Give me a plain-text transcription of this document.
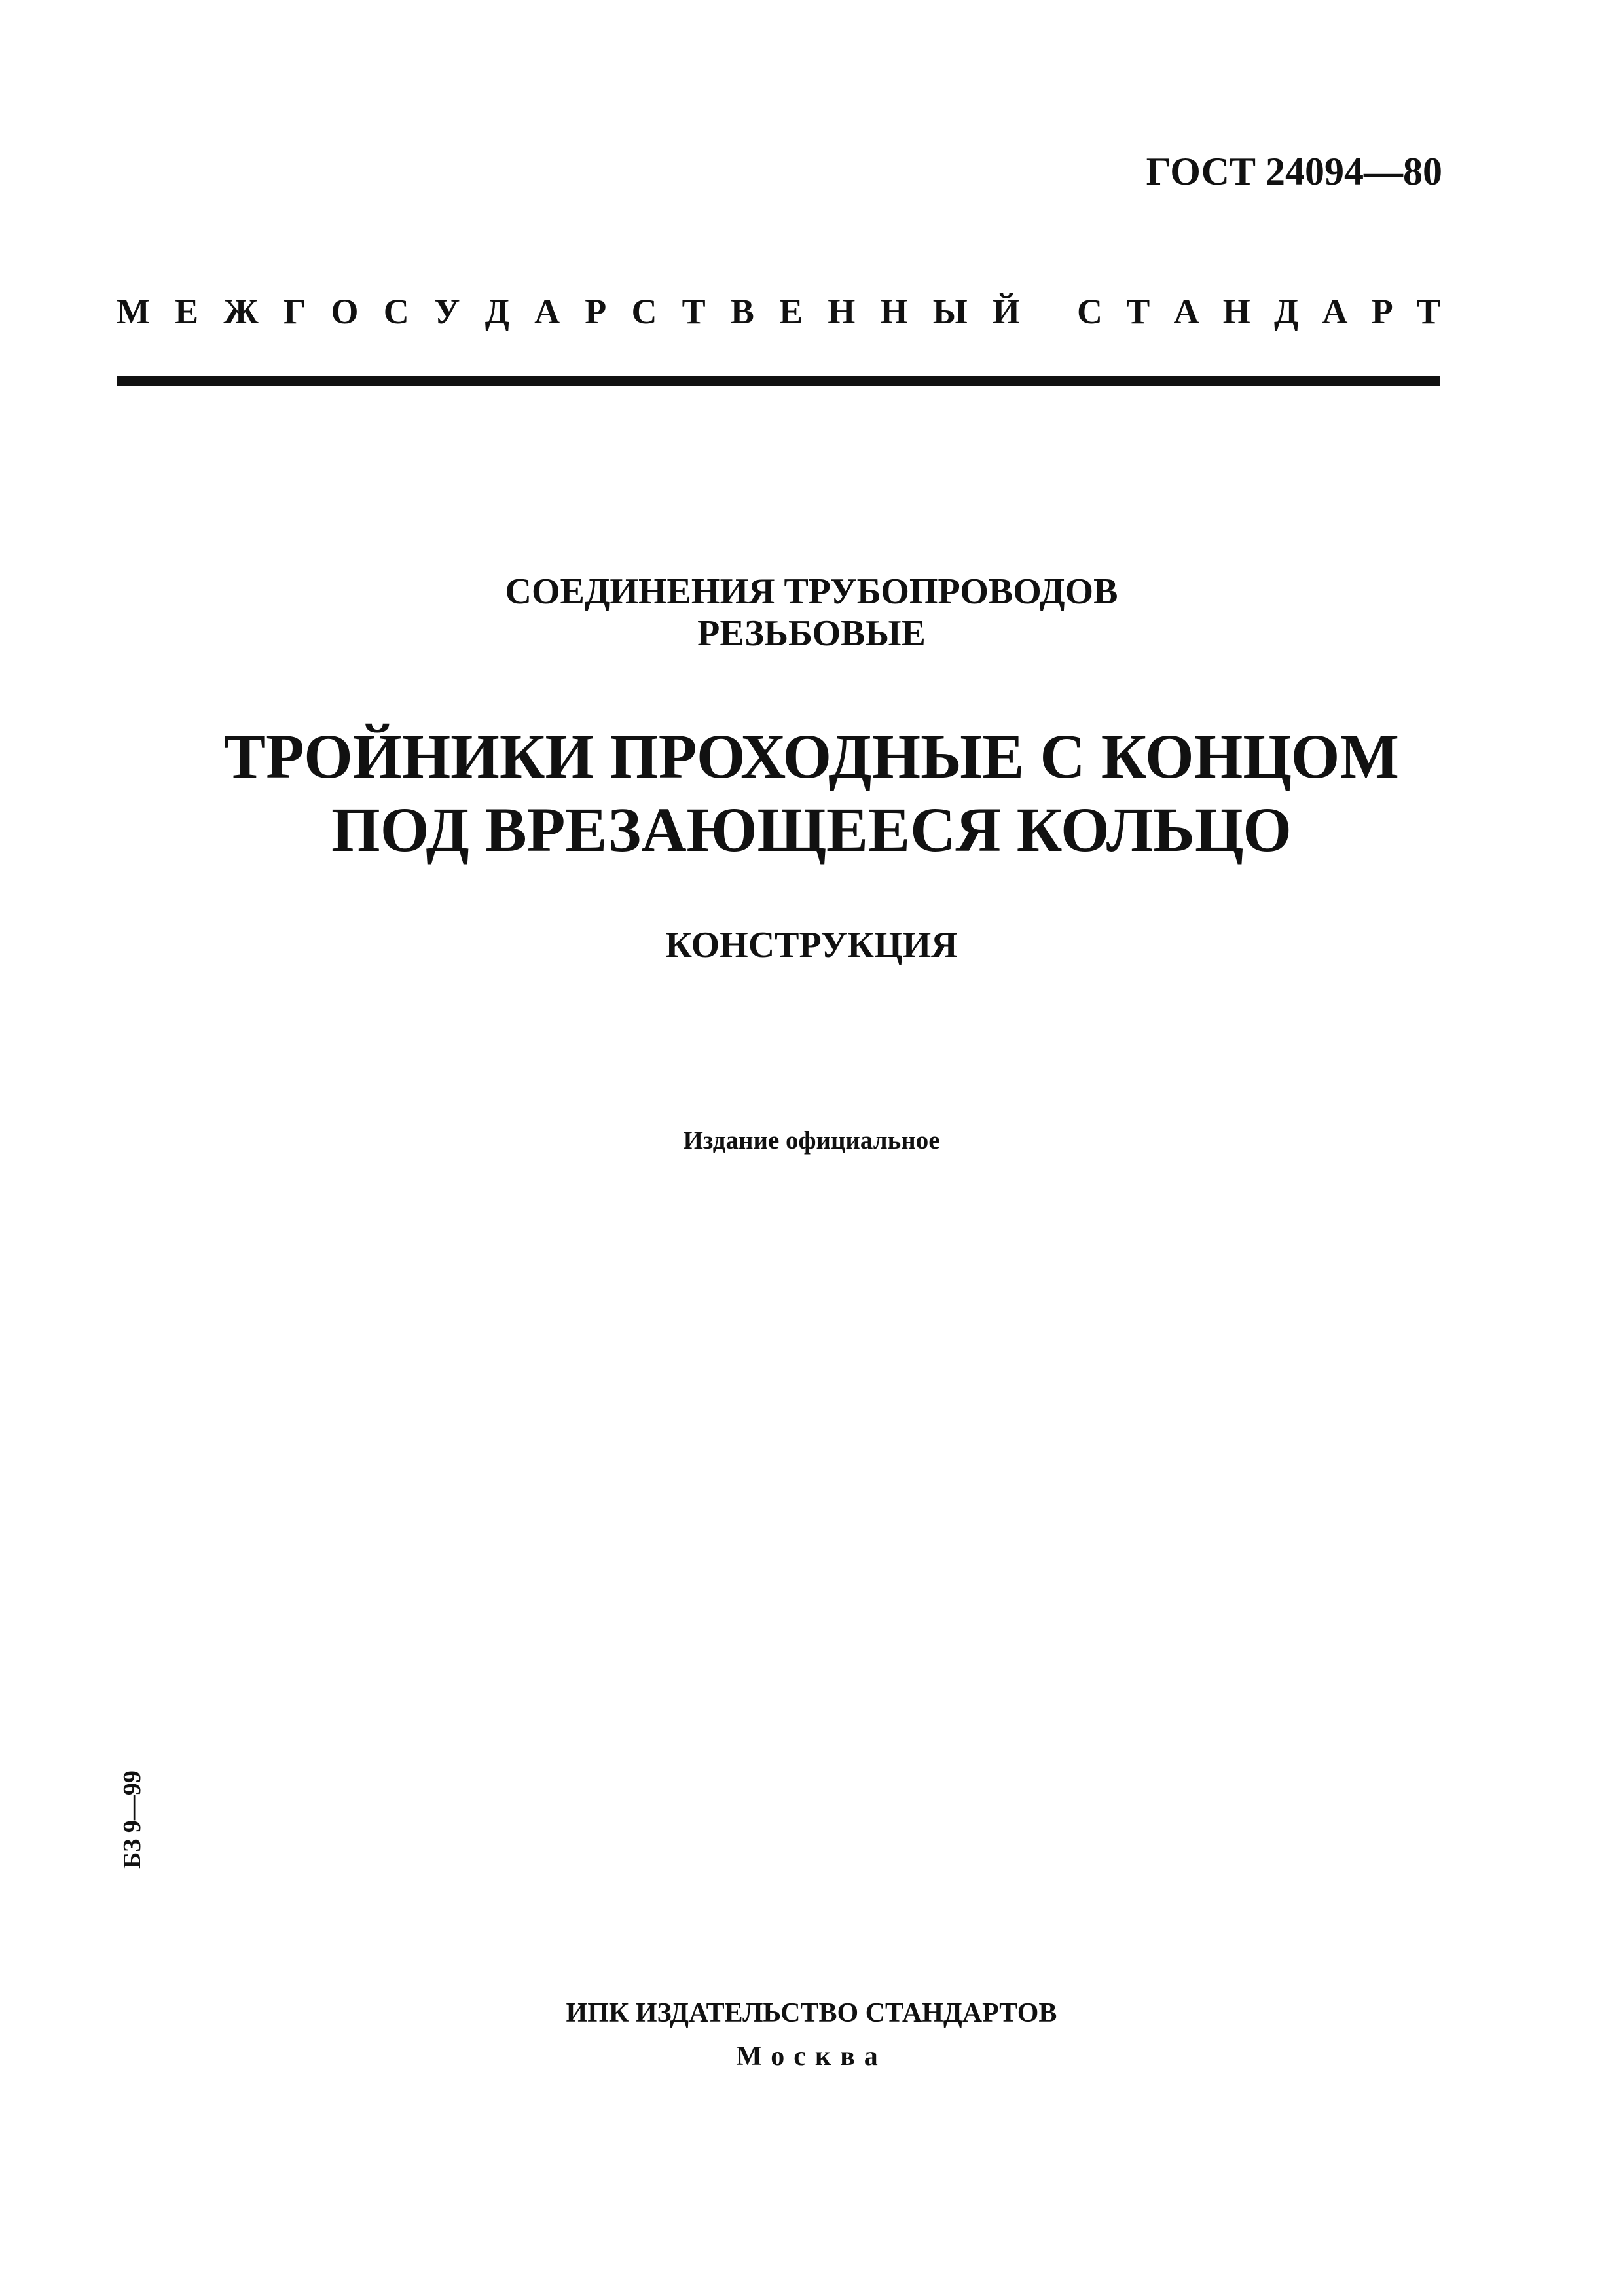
ГОСТ 24094—80
М Е Ж Г О С У Д А Р С Т В Е Н Н Ы Й С Т А Н Д А Р Т
СОЕДИНЕНИЯ ТРУБОПРОВОДОВ
РЕЗЬБОВЫЕ
ТРОЙНИКИ ПРОХОДНЫЕ С КОНЦОМ
ПОД ВРЕЗАЮЩЕЕСЯ КОЛЬЦО
КОНСТРУКЦИЯ
Издание официальное
БЗ 9—99
ИПК ИЗДАТЕЛЬСТВО СТАНДАРТОВ
Москва
